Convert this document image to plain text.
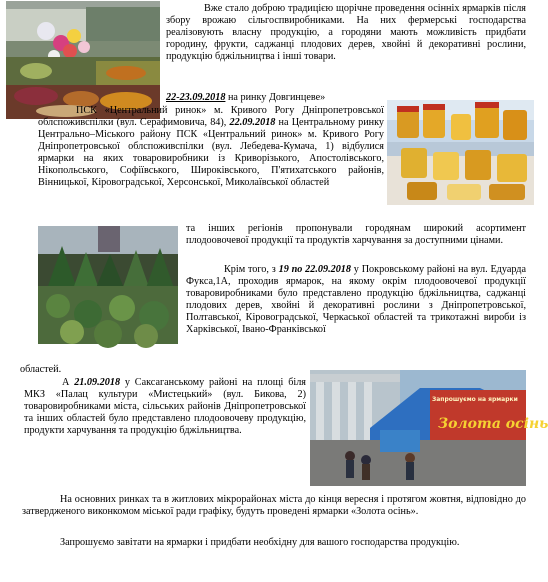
Запрошуємо на ярмарки
Золота осінь

Вже стало доброю традицією щорічне проведення осінніх ярмарків після збору врожаю сільгоспвиробниками. На них фермерські господарства реалізовують власну продукцію, а городяни мають можливість придбати городину, фрукти, саджанці плодових дерев, хвойні й декоративні рослини, продукцію бджільництва і інші товари.

22-23.09.2018 на ринку Довгинцеве»

ПСК «Центральний ринок» м. Кривого Рогу Дніпропетровської облспоживспілки (вул. Серафимовича, 84), 22.09.2018 на Центральному ринку Центрально–Міського району ПСК «Центральний ринок» м. Кривого Рогу Дніпропетровської облспоживспілки (вул. Лебедева-Кумача, 1) відбулися ярмарки на яких товаровиробники із Криворізького, Апостолівського, Нікопольського, Софіївського, Широківського, П'ятихатського районів, Вінницької, Кіровоградської, Херсонської, Миколаївської областей

та інших регіонів пропонували городянам широкий асортимент плодоовочевої продукції та продуктів харчування за доступними цінами.

Крім того, з 19 по 22.09.2018 у Покровському районі на вул. Едуарда Фукса,1А, проходив ярмарок, на якому окрім плодоовочевої продукції товаровиробниками було представлено продукцію бджільництва, саджанці плодових дерев, хвойні й декоративні рослини з Дніпропетровської, Полтавської, Кіровоградської, Черкаської областей та трикотажні вироби із Харківської, Івано-Франківської

областей.

А 21.09.2018 у Саксаганському районі на площі біля МКЗ «Палац культури «Мистецький» (вул. Бикова, 2) товаровиробниками міста, сільських районів Дніпропетровської та інших областей було представлено плодоовочеву продукцію, продукти харчування та продукцію бджільництва.

На основних ринках та в житлових мікрорайонах міста до кінця вересня і протягом жовтня, відповідно до затвердженого виконкомом міської ради графіку, будуть проведені ярмарки «Золота осінь».

Запрошуємо завітати на ярмарки і придбати необхідну для вашого господарства продукцію.
